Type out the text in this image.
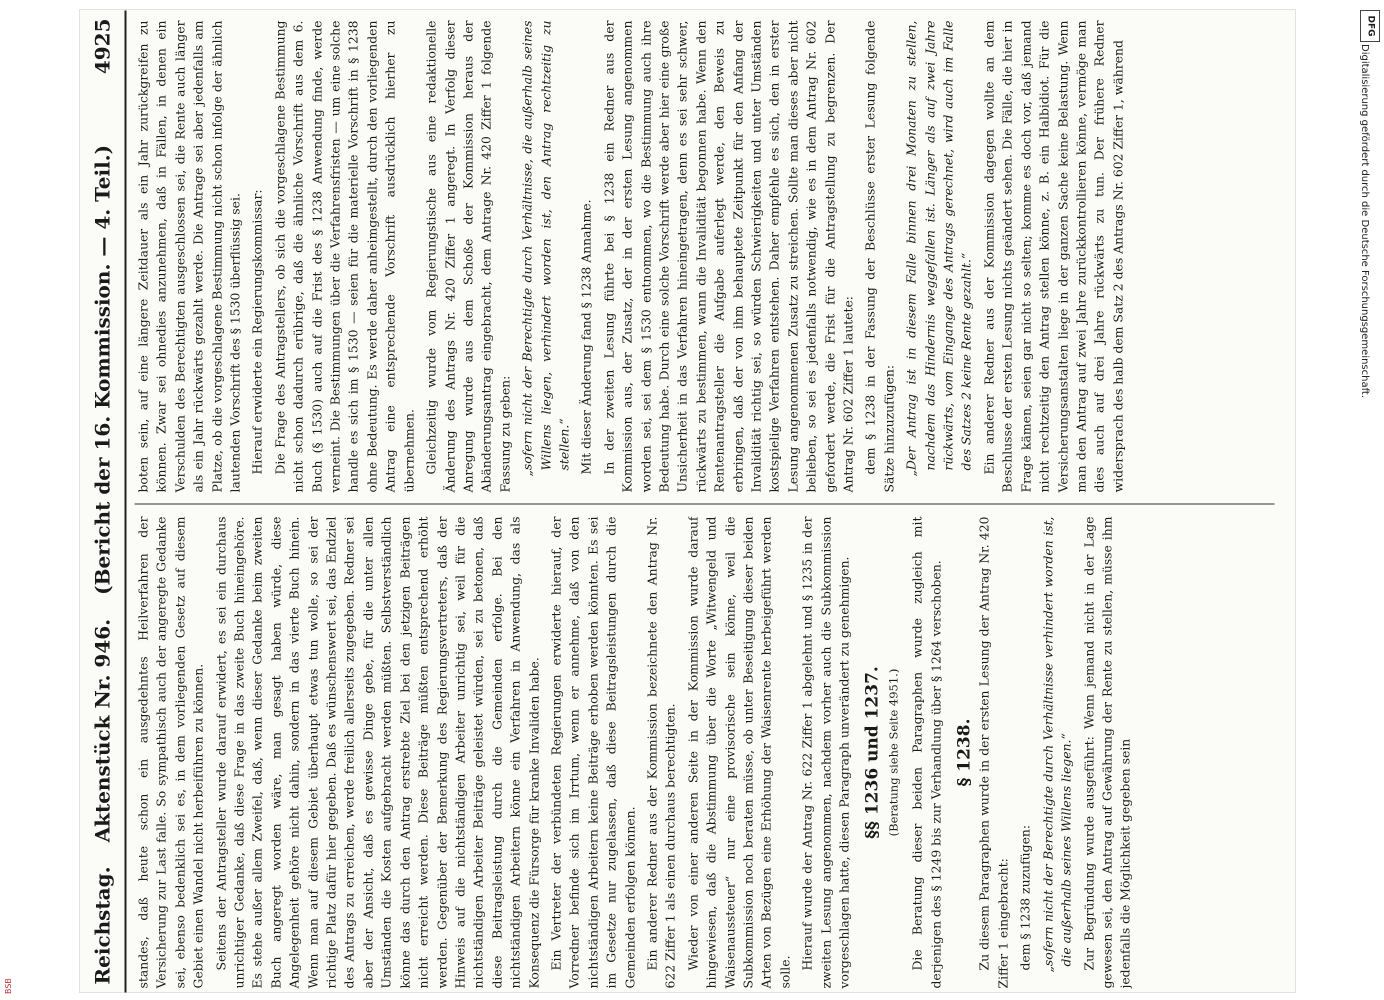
Reichstag.
Aktenstück Nr. 946.
(Bericht der 16. Kommission. — 4. Teil.)
4925

standes, daß heute schon ein ausgedehntes Heilverfahren der Versicherung zur Last falle. So sympathisch auch der angeregte Gedanke sei, ebenso bedenklich sei es, in dem vorliegenden Gesetz auf diesem Gebiet einen Wandel nicht herbeiführen zu können. Seitens der Antragsteller wurde darauf erwidert, es sei ein durchaus unrichtiger Gedanke, daß diese Frage in das zweite Buch hineingehöre. Es stehe außer allem Zweifel, daß, wenn dieser Gedanke beim zweiten Buch angeregt worden wäre, man gesagt haben würde, diese Angelegenheit gehöre nicht dahin, sondern in das vierte Buch hinein. Wenn man auf diesem Gebiet überhaupt etwas tun wolle, so sei der richtige Platz dafür hier gegeben. Daß es wünschenswert sei, das Endziel des Antrags zu erreichen, werde freilich allerseits zugegeben. Redner sei aber der Ansicht, daß es gewisse Dinge gebe, für die unter allen Umständen die Kosten aufgebracht werden müßten. Selbstverständlich könne das durch den Antrag erstrebte Ziel bei den jetzigen Beiträgen nicht erreicht werden. Diese Beiträge müßten entsprechend erhöht werden. Gegenüber der Bemerkung des Regierungsvertreters, daß der Hinweis auf die nichtständigen Arbeiter unrichtig sei, weil für die nichtständigen Arbeiter Beiträge geleistet würden, sei zu betonen, daß diese Beitragsleistung durch die Gemeinden erfolge. Bei den nichtständigen Arbeitern könne ein Verfahren in Anwendung, das als Konsequenz die Fürsorge für kranke Invaliden habe. Ein Vertreter der verbündeten Regierungen erwiderte hierauf, der Vorredner befinde sich im Irrtum, wenn er annehme, daß von den nichtständigen Arbeitern keine Beiträge erhoben werden könnten. Es sei im Gesetze nur zugelassen, daß diese Beitragsleistungen durch die Gemeinden erfolgen können. Ein anderer Redner aus der Kommission bezeichnete den Antrag Nr. 622 Ziffer 1 als einen durchaus berechtigten. Wieder von einer anderen Seite in der Kommission wurde darauf hingewiesen, daß die Abstimmung über die Worte „Witwengeld und Waisenaussteuer“ nur eine provisorische sein könne, weil die Subkommission noch beraten müsse, ob unter Beseitigung dieser beiden Arten von Bezügen eine Erhöhung der Waisenrente herbeigeführt werden solle.

Hierauf wurde der Antrag Nr. 622 Ziffer 1 abgelehnt und § 1235 in der zweiten Lesung angenommen, nachdem vorher auch die Subkommission vorgeschlagen hatte, diesen Paragraph unverändert zu genehmigen. §§ 1236 und 1237. (Beratung siehe Seite 4951.) Die Beratung dieser beiden Paragraphen wurde zugleich mit derjenigen des § 1249 bis zur Verhandlung über § 1264 verschoben. § 1238. Zu diesem Paragraphen wurde in der ersten Lesung der Antrag Nr. 420 Ziffer 1 eingebracht: dem § 1238 zuzufügen: „sofern nicht der Berechtigte durch Verhältnisse verhindert worden ist, die außerhalb seines Willens liegen.“ Zur Begründung wurde ausgeführt: Wenn jemand nicht in der Lage gewesen sei, den Antrag auf Gewährung der Rente zu stellen, müsse ihm jedenfalls die Möglichkeit gegeben sein

boten sein, auf eine längere Zeitdauer als ein Jahr zurückgreifen zu können. Zwar sei ohnedies anzunehmen, daß in Fällen, in denen ein Verschulden des Berechtigten ausgeschlossen sei, die Rente auch länger als ein Jahr rückwärts gezahlt werde. Die Antrage sei aber jedenfalls am Platze, ob die vorgeschlagene Bestimmung nicht schon infolge der ähnlich lautenden Vorschrift des § 1530 überflüssig sei. Hierauf erwiderte ein Regierungskommissar: Die Frage des Antragstellers, ob sich die vorgeschlagene Bestimmung nicht schon dadurch erübrige, daß die ähnliche Vorschrift aus dem 6. Buch (§ 1530) auch auf die Frist des § 1238 Anwendung finde, werde verneint. Die Bestimmungen über die Verfahrensfristen — um eine solche handle es sich im § 1530 — seien für die materielle Vorschrift in § 1238 ohne Bedeutung. Es werde daher anheimgestellt, durch den vorliegenden Antrag eine entsprechende Vorschrift ausdrücklich hierher zu übernehmen. Gleichzeitig wurde vom Regierungstische aus eine redaktionelle Änderung des Antrags Nr. 420 Ziffer 1 angeregt. In Verfolg dieser Anregung wurde aus dem Schoße der Kommission heraus der Abänderungsantrag eingebracht, dem Antrage Nr. 420 Ziffer 1 folgende Fassung zu geben: „sofern nicht der Berechtigte durch Verhältnisse, die außerhalb seines Willens liegen, verhindert worden ist, den Antrag rechtzeitig zu stellen.“ Mit dieser Änderung fand § 1238 Annahme. In der zweiten Lesung führte bei § 1238 ein Redner aus der Kommission aus, der Zusatz, der in der ersten Lesung angenommen worden sei, sei dem § 1530 entnommen, wo die Bestimmung auch ihre Bedeutung habe. Durch eine solche Vorschrift werde aber hier eine große Unsicherheit in das Verfahren hineingetragen, denn es sei sehr schwer, rückwärts zu bestimmen, wann die Invalidität begonnen habe. Wenn den Rentenantragsteller die Aufgabe auferlegt werde, den Beweis zu erbringen, daß der von ihm behauptete Zeitpunkt für den Anfang der Invalidität richtig sei, so würden Schwierigkeiten und unter Umständen kostspielige Verfahren entstehen. Daher empfehle es sich, den in erster Lesung angenommenen Zusatz zu streichen. Sollte man dieses aber nicht belieben, so sei es jedenfalls notwendig, wie es in dem Antrag Nr. 602 gefordert werde, die Frist für die Antragstellung zu begrenzen. Der Antrag Nr. 602 Ziffer 1 lautete: dem § 1238 in der Fassung der Beschlüsse erster Lesung folgende Sätze hinzuzufügen: „Der Antrag ist in diesem Falle binnen drei Monaten zu stellen, nachdem das Hindernis weggefallen ist. Länger als auf zwei Jahre rückwärts, vom Eingange des Antrags gerechnet, wird auch im Falle des Satzes 2 keine Rente gezahlt.“ Ein anderer Redner aus der Kommission dagegen wollte an dem Beschlusse der ersten Lesung nichts geändert sehen. Die Fälle, die hier in Frage kämen, seien gar nicht so selten; komme es doch vor, daß jemand nicht rechtzeitig den Antrag stellen könne, z. B. ein Halbidiot. Für die Versicherungsanstalten liege in der ganzen Sache keine Belastung. Wenn man den Antrag auf zwei Jahre zurückkontrollieren könne, vermöge man dies auch auf drei Jahre rückwärts zu tun. Der frühere Redner widersprach des halb dem Satz 2 des Antrags Nr. 602 Ziffer 1, während

DFG
Digitalisierung gefördert durch die Deutsche Forschungsgemeinschaft.
BSB
